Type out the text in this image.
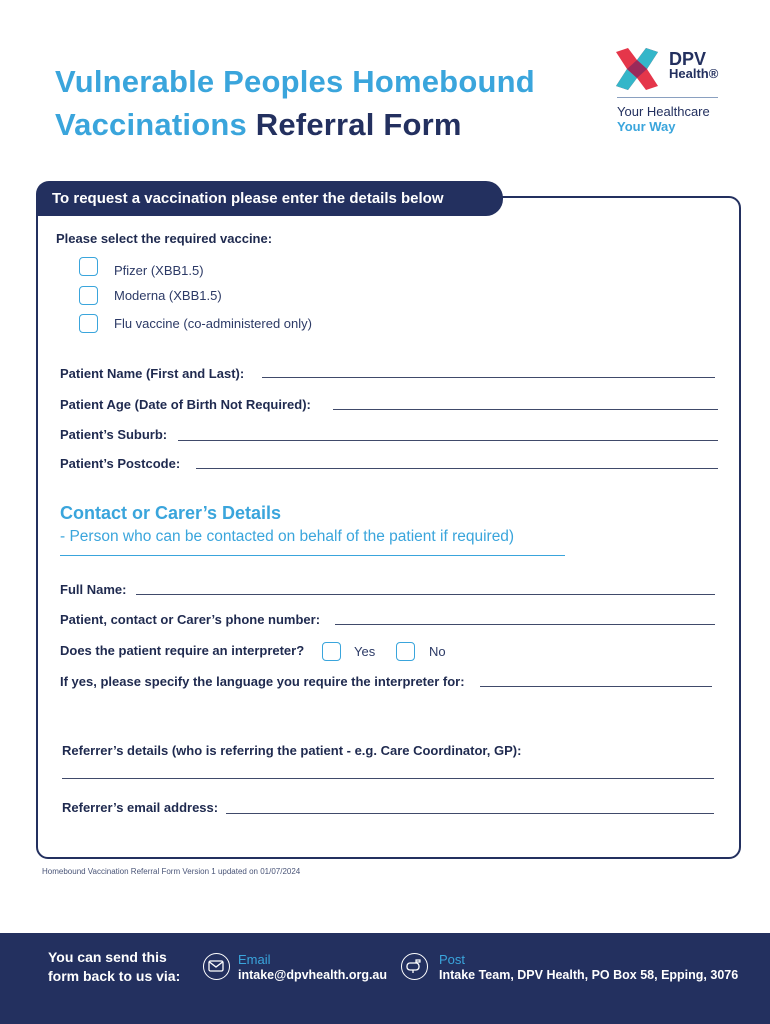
Vulnerable Peoples Homebound
Vaccinations Referral Form
DPV
Health®
Your Healthcare
Your Way
To request a vaccination please enter the details below
Please select the required vaccine:
Pfizer (XBB1.5)
Moderna (XBB1.5)
Flu vaccine (co-administered only)
Patient Name (First and Last):
Patient Age (Date of Birth Not Required):
Patient’s Suburb:
Patient’s Postcode:
Contact or Carer’s Details
- Person who can be contacted on behalf of the patient if required)
Full Name:
Patient, contact or Carer’s phone number:
Does the patient require an interpreter?	Yes	No
If yes, please specify the language you require the interpreter for:
Referrer’s details (who is referring the patient - e.g. Care Coordinator, GP):
Referrer’s email address:
Homebound Vaccination Referral Form Version 1 updated on 01/07/2024
You can send this
form back to us via:
Email
intake@dpvhealth.org.au
Post
Intake Team, DPV Health, PO Box 58, Epping, 3076
